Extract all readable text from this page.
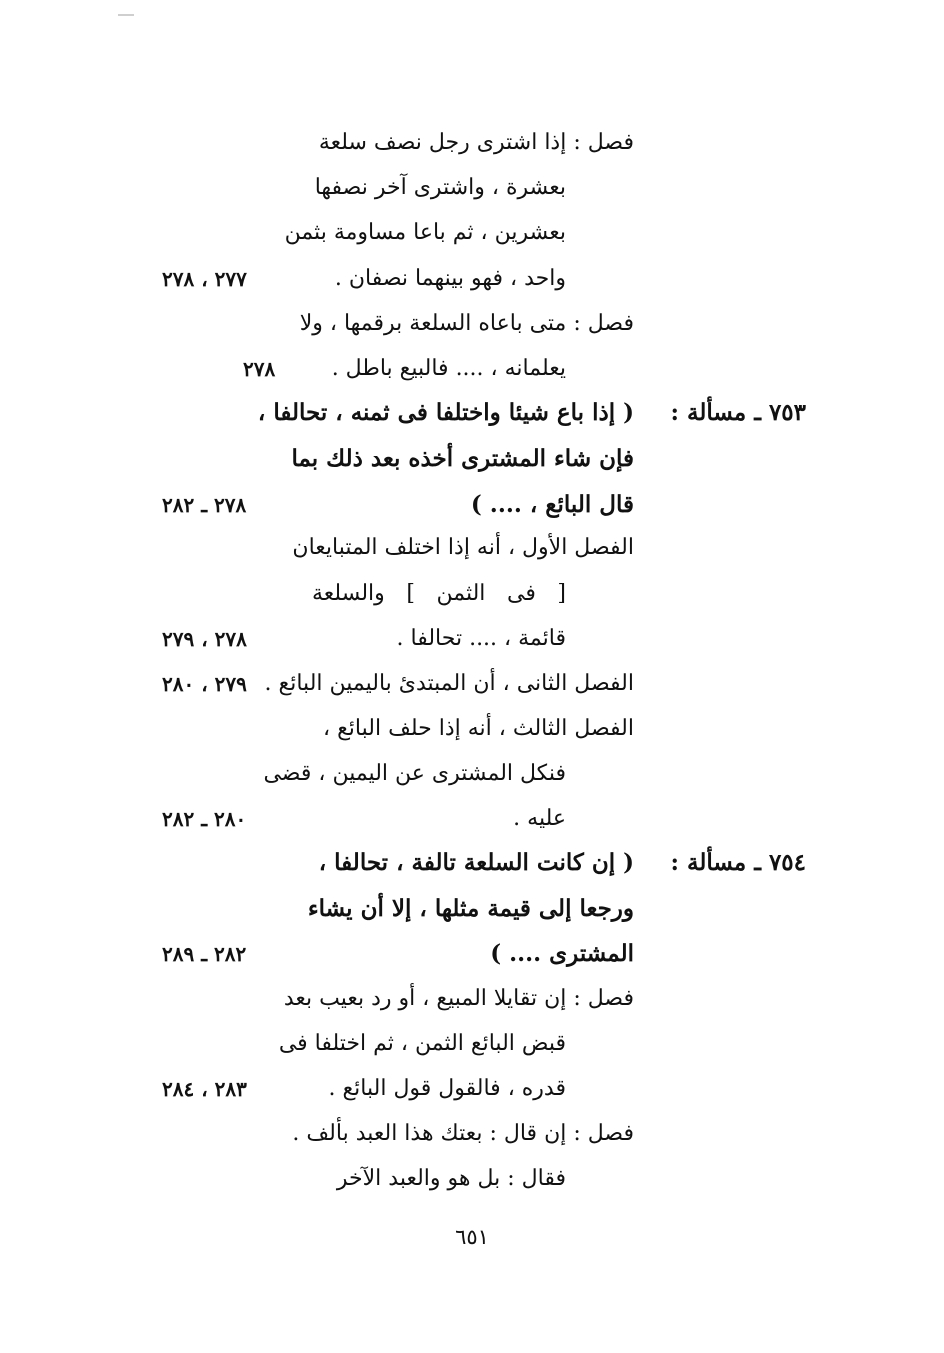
فصل : إذا اشترى رجل نصف سلعة
بعشرة ، واشترى آخر نصفها
بعشرين ، ثم باعا مساومة بثمن
واحد ، فهو بينهما نصفان .
٢٧٧ ، ٢٧٨
فصل : متى باعاه السلعة برقمها ، ولا
يعلمانه ، .... فالبيع باطل .
٢٧٨
٧٥٣ ـ مسألة :
( إذا باع شيئا واختلفا فى ثمنه ، تحالفا ،
فإن شاء المشترى أخذه بعد ذلك بما
قال البائع ، .... )
٢٧٨ ـ ٢٨٢
الفصل الأول ، أنه إذا اختلف المتبايعان
[ فى الثمن ] والسلعة
قائمة ، .... تحالفا .
٢٧٨ ، ٢٧٩
الفصل الثانى ، أن المبتدئ باليمين البائع .
٢٧٩ ، ٢٨٠
الفصل الثالث ، أنه إذا حلف البائع ،
فنكل المشترى عن اليمين ، قضى
عليه .
٢٨٠ ـ ٢٨٢
٧٥٤ ـ مسألة :
( إن كانت السلعة تالفة ، تحالفا ،
ورجعا إلى قيمة مثلها ، إلا أن يشاء
المشترى .... )
٢٨٢ ـ ٢٨٩
فصل : إن تقايلا المبيع ، أو رد بعيب بعد
قبض البائع الثمن ، ثم اختلفا فى
قدره ، فالقول قول البائع .
٢٨٣ ، ٢٨٤
فصل : إن قال : بعتك هذا العبد بألف .
فقال : بل هو والعبد الآخر
٦٥١
